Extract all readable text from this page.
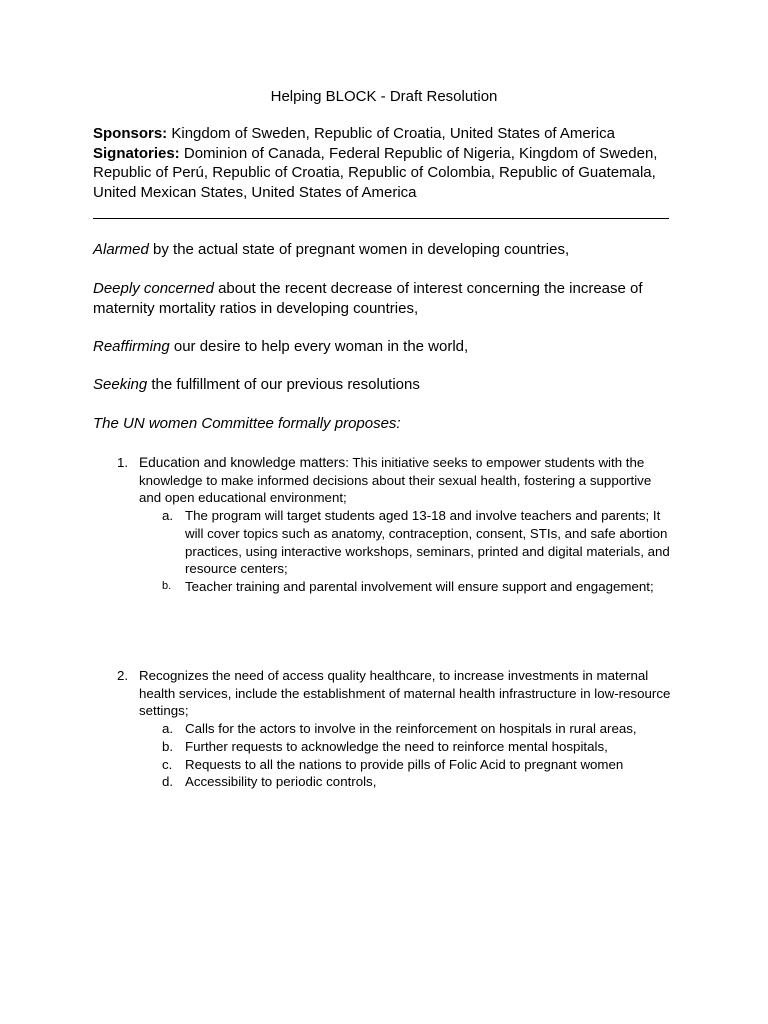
Helping BLOCK - Draft Resolution
Sponsors: Kingdom of Sweden, Republic of Croatia, United States of America
Signatories: Dominion of Canada, Federal Republic of Nigeria, Kingdom of Sweden, Republic of Perú, Republic of Croatia, Republic of Colombia, Republic of Guatemala, United Mexican States, United States of America
Alarmed by the actual state of pregnant women in developing countries,
Deeply concerned about the recent decrease of interest concerning the increase of maternity mortality ratios in developing countries,
Reaffirming our desire to help every woman in the world,
Seeking the fulfillment of our previous resolutions
The UN women Committee formally proposes:
1. Education and knowledge matters: This initiative seeks to empower students with the knowledge to make informed decisions about their sexual health, fostering a supportive and open educational environment;
a. The program will target students aged 13-18 and involve teachers and parents; It will cover topics such as anatomy, contraception, consent, STIs, and safe abortion practices, using interactive workshops, seminars, printed and digital materials, and resource centers;
b. Teacher training and parental involvement will ensure support and engagement;
2. Recognizes the need of access quality healthcare, to increase investments in maternal health services, include the establishment of maternal health infrastructure in low-resource settings;
a. Calls for the actors to involve in the reinforcement on hospitals in rural areas,
b. Further requests to acknowledge the need to reinforce mental hospitals,
c. Requests to all the nations to provide pills of Folic Acid to pregnant women
d. Accessibility to periodic controls,
